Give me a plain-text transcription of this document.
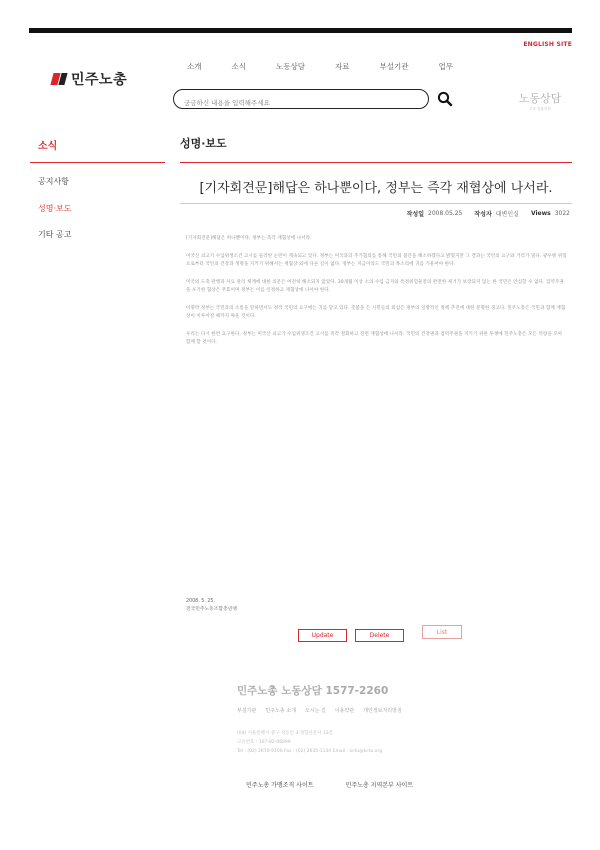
ENGLISH SITE
민주노총
소개	소식	노동상담	자료	부설기관	업무
궁금하신 내용을 입력해주세요
노동상담
무료 법률지원
소식
공지사항
성명·보도
기타 공고
성명·보도
[기자회견문]해답은 하나뿐이다, 정부는 즉각 재협상에 나서라.
작성일 2008.05.25 작성자 대변인실 Views 3022

[기자회견문]해답은 하나뿐이다, 정부는 즉각 재협상에 나서라.

미국산 쇠고기 수입위생조건 고시를 둘러싼 논란이 계속되고 있다. 정부는 미국과의 추가협의를 통해 국민의 불안을 해소하겠다고 밝혔지만 그 결과는 국민의 요구와 거리가 멀다. 광우병 위험으로부터 국민의 건강과 생명을 지키기 위해서는 재협상 외에 다른 길이 없다. 정부는 지금이라도 국민의 목소리에 귀를 기울여야 한다.

미국의 도축 관행과 사료 관리 체계에 대한 의문은 여전히 해소되지 않았다. 30개월 이상 소의 수입 금지와 특정위험물질의 완전한 제거가 보장되지 않는 한 국민은 안심할 수 없다. 검역주권을 포기한 협상은 무효이며 정부는 이를 인정하고 재협상에 나서야 한다.

이명박 정부는 국민과의 소통을 말하면서도 정작 국민의 요구에는 귀를 닫고 있다. 촛불을 든 시민들의 외침은 정부의 일방적인 정책 추진에 대한 분명한 경고다. 민주노총은 국민과 함께 재협상이 이루어질 때까지 싸울 것이다.

우리는 다시 한번 요구한다. 정부는 미국산 쇠고기 수입위생조건 고시를 즉각 철회하고 전면 재협상에 나서라. 국민의 건강권과 검역주권을 지키기 위한 투쟁에 민주노총은 모든 역량을 모아 함께 할 것이다.

2008. 5. 25.
전국민주노동조합총연맹
Update	Delete	List
민주노총 노동상담 1577-2260
부설기관 민주노총 소개 오시는 길 이용약관 개인정보처리방침
(04) 서울특별시 중구 정동길 3 경향신문사 13층
고유번호 : 107-82-06899
Tel : (02) 2670-9100 Fax : (02) 2635-1134 Email : kctu@kctu.org
민주노총 가맹조직 사이트	민주노총 지역본부 사이트
